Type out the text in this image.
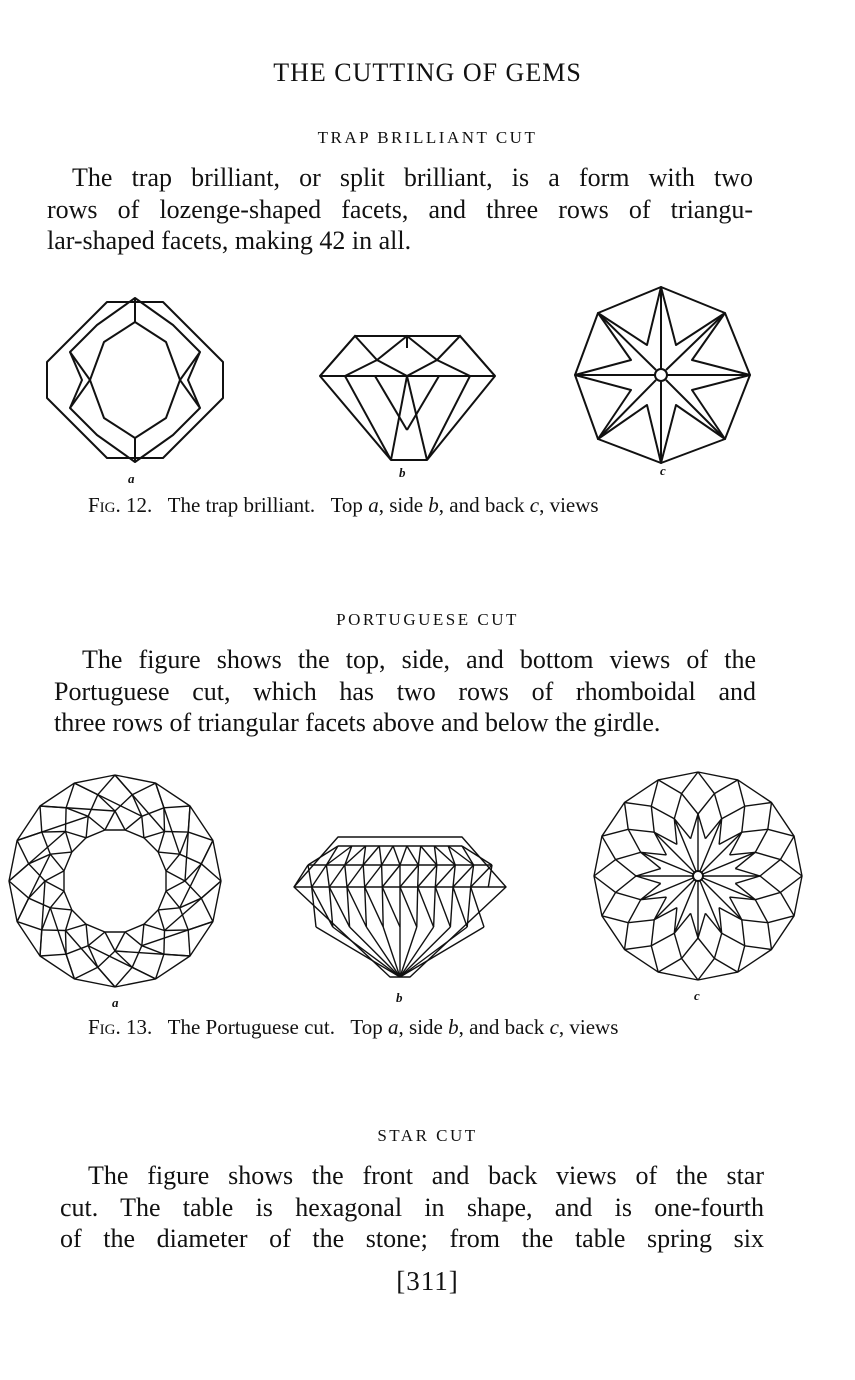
THE CUTTING OF GEMS
TRAP BRILLIANT CUT
The trap brilliant, or split brilliant, is a form with two
rows of lozenge-shaped facets, and three rows of triangu-
lar-shaped facets, making 42 in all.
a	b	c
Fig. 12. The trap brilliant. Top a, side b, and back c, views
PORTUGUESE CUT
The figure shows the top, side, and bottom views of the
Portuguese cut, which has two rows of rhomboidal and
three rows of triangular facets above and below the girdle.
a	b	c
Fig. 13. The Portuguese cut. Top a, side b, and back c, views
STAR CUT
The figure shows the front and back views of the star
cut. The table is hexagonal in shape, and is one-fourth
of the diameter of the stone; from the table spring six
[311]
